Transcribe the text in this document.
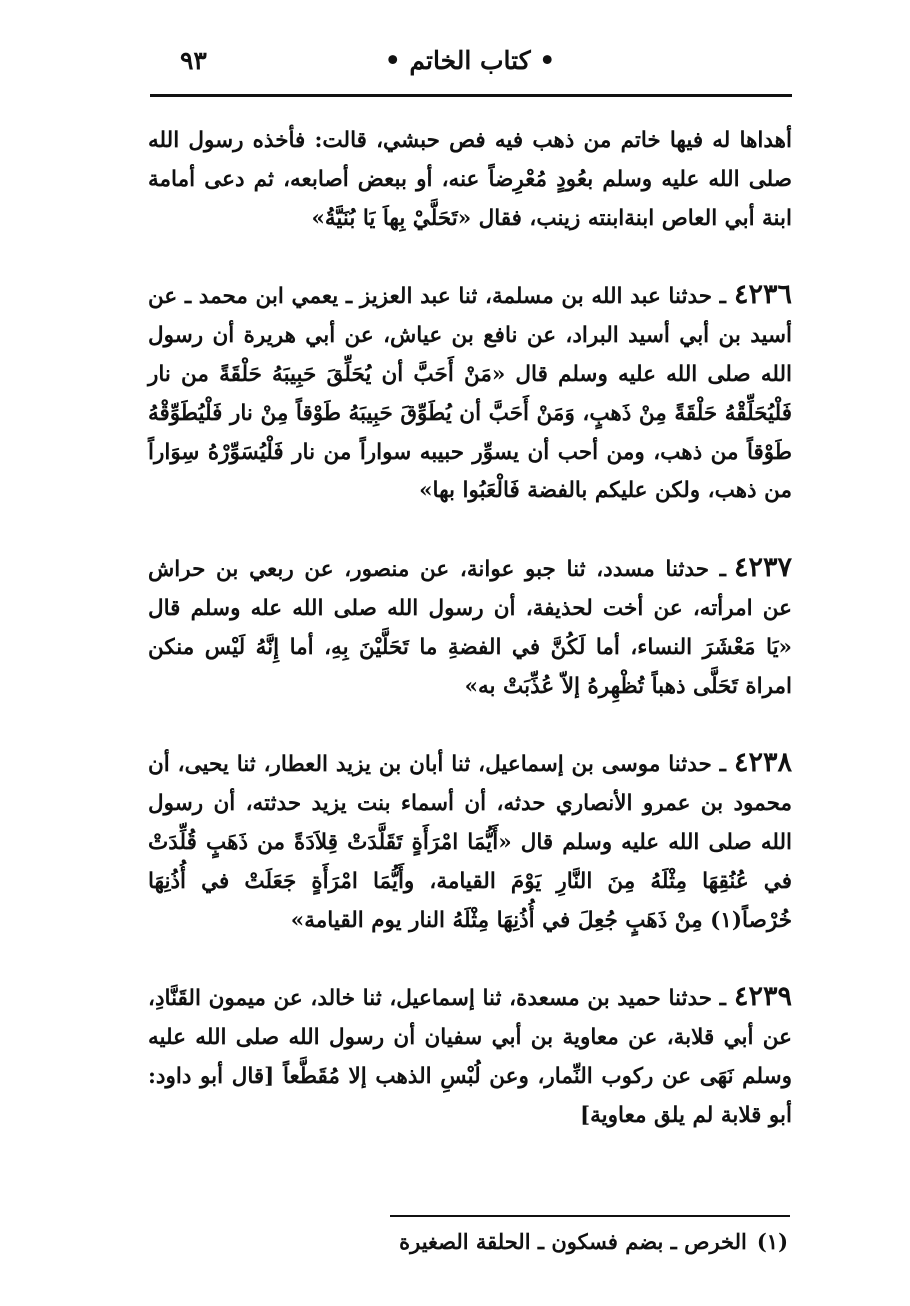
• كتاب الخاتم •
٩٣

أهداها له فيها خاتم من ذهب فيه فص حبشي، قالت: فأخذه رسول الله صلى الله عليه وسلم بعُودٍ مُعْرِضاً عنه، أو ببعض أصابعه، ثم دعى أمامة ابنة أبي العاص ابنةابنته زينب، فقال «تَحَلَّيْ بِهاَ يَا بُنَيَّةُ»

٤٢٣٦ـ حدثنا عبد الله بن مسلمة، ثنا عبد العزيز ـ يعمي ابن محمد ـ عن أسيد بن أبي أسيد البراد، عن نافع بن عياش، عن أبي هريرة أن رسول الله صلى الله عليه وسلم قال «مَنْ أَحَبَّ أن يُحَلِّقَ حَبِيبَهُ حَلْقَةً من نار فَلْيُحَلِّقْهُ حَلْقَةً مِنْ ذَهبٍ، وَمَنْ أَحَبَّ أن يُطَوِّقَ حَبِيبَهُ طَوْقاً مِنْ نار فَلْيُطَوِّقْهُ طَوْقاً من ذهب، ومن أحب أن يسوِّر حبيبه سواراً من نار فَلْيُسَوِّرْهُ سِوَاراً من ذهب، ولكن عليكم بالفضة فَالْعَبُوا بها»

٤٢٣٧ـ حدثنا مسدد، ثنا جبو عوانة، عن منصور، عن ربعي بن حراش عن امرأته، عن أخت لحذيفة، أن رسول الله صلى الله عله وسلم قال «يَا مَعْشَرَ النساء، أما لَكُنَّ في الفضةِ ما تَحَلَّيْنَ بِهِ، أما إِنَّهُ لَيْس منكن امراة تَحَلَّى ذهباً تُظْهِرهُ إلاّ عُذِّبَتْ به»

٤٢٣٨ـ حدثنا موسى بن إسماعيل، ثنا أبان بن يزيد العطار، ثنا يحيى، أن محمود بن عمرو الأنصاري حدثه، أن أسماء بنت يزيد حدثته، أن رسول الله صلى الله عليه وسلم قال «أَيُّمَا امْرَأَةٍ تَقَلَّدَتْ قِلاَدَةً من ذَهَبٍ قُلِّدَتْ في عُنُقِهَا مِثْلَهُ مِنَ النَّارِ يَوْمَ القيامة، وأَيُّمَا امْرَأَةٍ جَعَلَتْ في أُذُنِهَا خُرْصاً(١) مِنْ ذَهَبٍ جُعِلَ في أُذُنِهَا مِثْلَهُ النار يوم القيامة»

٤٢٣٩ـ حدثنا حميد بن مسعدة، ثنا إسماعيل، ثنا خالد، عن ميمون القَنَّادِ، عن أبي قلابة، عن معاوية بن أبي سفيان أن رسول الله صلى الله عليه وسلم نَهَى عن ركوب النِّمار، وعن لُبْسِ الذهب إلا مُقَطَّعاً [قال أبو داود: أبو قلابة لم يلق معاوية]

(١)الخرص ـ بضم فسكون ـ الحلقة الصغيرة
